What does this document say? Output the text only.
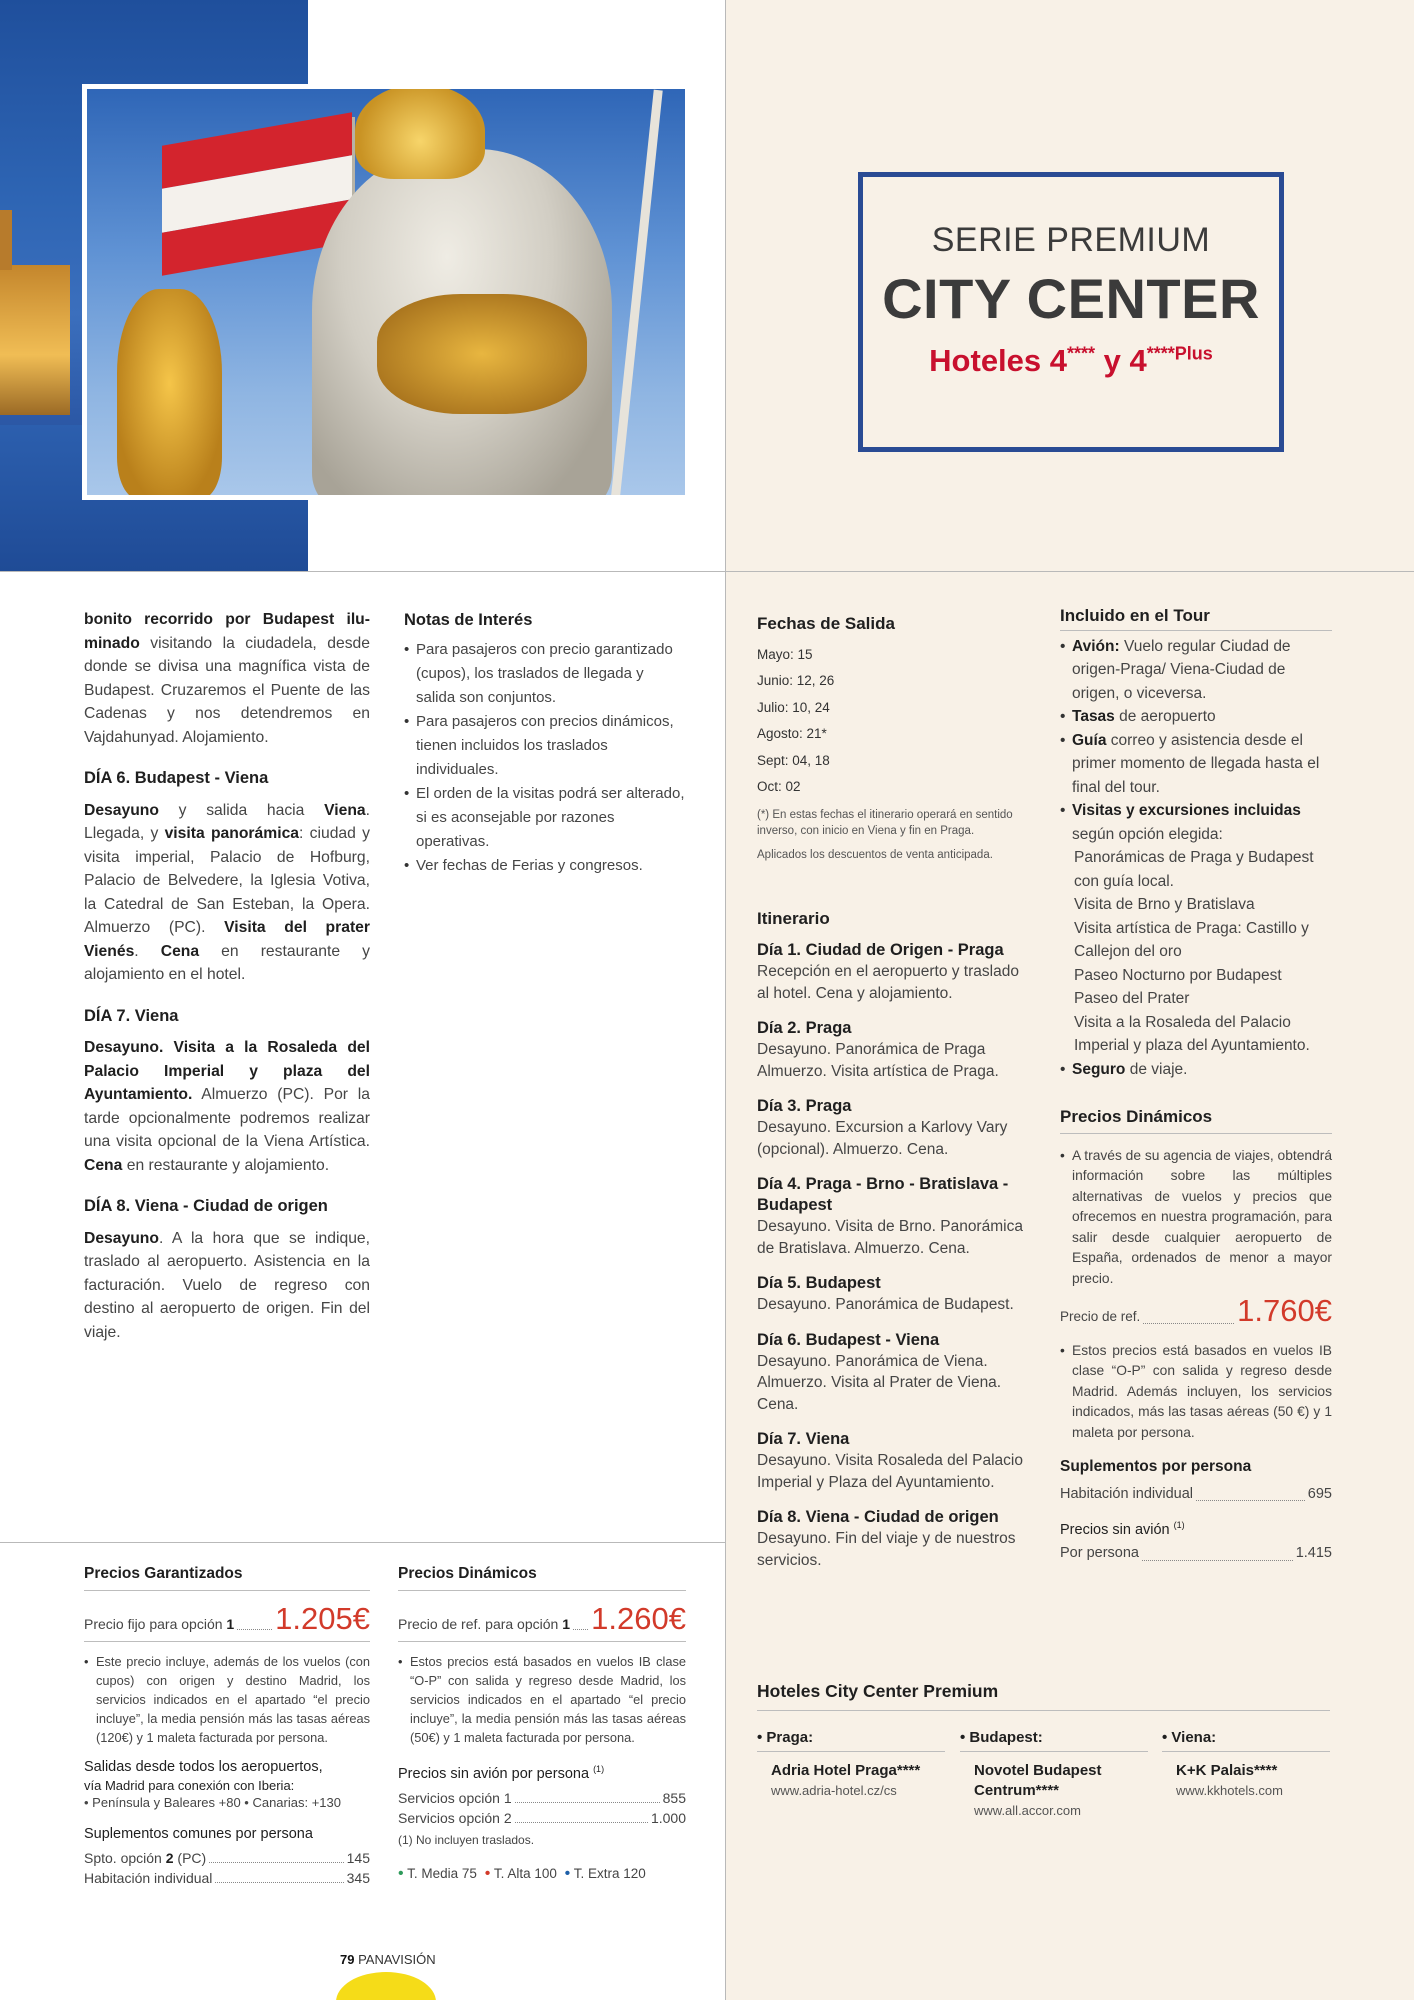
SERIE PREMIUM
CITY CENTER
Hoteles 4**** y $4^{****Plus}$

bonito recorrido por Budapest ilu- minado visitando la ciudadela, desde donde se divisa una magnífica vista de Budapest. Cruzaremos el Puente de las Cadenas y nos detendremos en Vajdahunyad. Alojamiento.

DÍA 6. Budapest - Viena

Desayuno y salida hacia Viena. Llegada, y visita panorámica: ciudad y visita imperial, Palacio de Hofburg, Palacio de Belvedere, la Iglesia Votiva, la Catedral de San Esteban, la Opera. Almuerzo (PC). Visita del prater Vienés. Cena en restaurante y alojamiento en el hotel.

DÍA 7. Viena

Desayuno. Visita a la Rosaleda del Palacio Imperial y plaza del Ayuntamiento. Almuerzo (PC). Por la tarde opcionalmente podremos realizar una visita opcional de la Viena Artística. Cena en restaurante y alojamiento.

DÍA 8. Viena - Ciudad de origen

Desayuno. A la hora que se indique, traslado al aeropuerto. Asistencia en la facturación. Vuelo de regreso con destino al aeropuerto de origen. Fin del viaje.

Notas de Interés

• Para pasajeros con precio garantizado (cupos), los traslados de llegada y salida son conjuntos.

• Para pasajeros con precios dinámicos, tienen incluidos los traslados individuales.

• El orden de la visitas podrá ser alterado, si es aconsejable por razones operativas.

• Ver fechas de Ferias y congresos.

Fechas de Salida
Mayo: 15
Junio: 12, 26
Julio: 10, 24
Agosto: 21*
Sept: 04, 18
Oct: 02

(*) En estas fechas el itinerario operará en sentido inverso, con inicio en Viena y fin en Praga.

Aplicados los descuentos de venta anticipada.

Itinerario
Día 1. Ciudad de Origen - Praga
Recepción en el aeropuerto y traslado al hotel. Cena y alojamiento.
Día 2. Praga
Desayuno. Panorámica de Praga Almuerzo. Visita artística de Praga.
Día 3. Praga
Desayuno. Excursion a Karlovy Vary (opcional). Almuerzo. Cena.
Día 4. Praga - Brno - Bratislava - Budapest
Desayuno. Visita de Brno. Panorámica de Bratislava. Almuerzo. Cena.
Día 5. Budapest
Desayuno. Panorámica de Budapest.
Día 6. Budapest - Viena
Desayuno. Panorámica de Viena. Almuerzo. Visita al Prater de Viena. Cena.
Día 7. Viena
Desayuno. Visita Rosaleda del Palacio Imperial y Plaza del Ayuntamiento.
Día 8. Viena - Ciudad de origen
Desayuno. Fin del viaje y de nuestros servicios.
Incluido en el Tour

• Avión: Vuelo regular Ciudad de origen-Praga/ Viena-Ciudad de origen, o viceversa.

• Tasas de aeropuerto

• Guía correo y asistencia desde el primer momento de llegada hasta el final del tour.

• Visitas y excursiones incluidas según opción elegida:

Panorámicas de Praga y Budapest con guía local.
Visita de Brno y Bratislava
Visita artística de Praga: Castillo y Callejon del oro
Paseo Nocturno por Budapest
Paseo del Prater
Visita a la Rosaleda del Palacio Imperial y plaza del Ayuntamiento.

• Seguro de viaje.

Precios Dinámicos

• A través de su agencia de viajes, obtendrá información sobre las múltiples alternativas de vuelos y precios que ofrecemos en nuestra programación, para salir desde cualquier aeropuerto de España, ordenados de menor a mayor precio.

Precio de ref.	1.760€

• Estos precios está basados en vuelos IB clase “O-P” con salida y regreso desde Madrid. Además incluyen, los servicios indicados, más las tasas aéreas (50 €) y 1 maleta por persona.

Suplementos por persona
Habitación individual	695
Precios sin avión $^{(1)}$
Por persona	1.415
Precios Garantizados
Precio fijo para opción 1 1.205€

• Este precio incluye, además de los vuelos (con cupos) con origen y destino Madrid, los servicios indicados en el apartado “el precio incluye”, la media pensión más las tasas aéreas (120€) y 1 maleta facturada por persona.

Salidas desde todos los aeropuertos,

vía Madrid para conexión con Iberia:

• Península y Baleares +80 • Canarias: +130

Suplementos comunes por persona

Spto. opción 2 (PC)	145
Habitación individual	345
Precios Dinámicos
Precio de ref. para opción 1 1.260€

• Estos precios está basados en vuelos IB clase “O-P” con salida y regreso desde Madrid, los servicios indicados en el apartado “el precio incluye”, la media pensión más las tasas aéreas (50€) y 1 maleta facturada por persona.

Precios sin avión por persona $^{(1)}$

Servicios opción 1	855
Servicios opción 2	1.000

(1) No incluyen traslados.

• T. Media 75 • T. Alta 100 • T. Extra 120
Hoteles City Center Premium
• Praga:
Adria Hotel Praga****
www.adria-hotel.cz/cs
• Budapest:
Novotel Budapest Centrum****
www.all.accor.com
• Viena:
K+K Palais****
www.kkhotels.com
79 PANAVISIÓN
